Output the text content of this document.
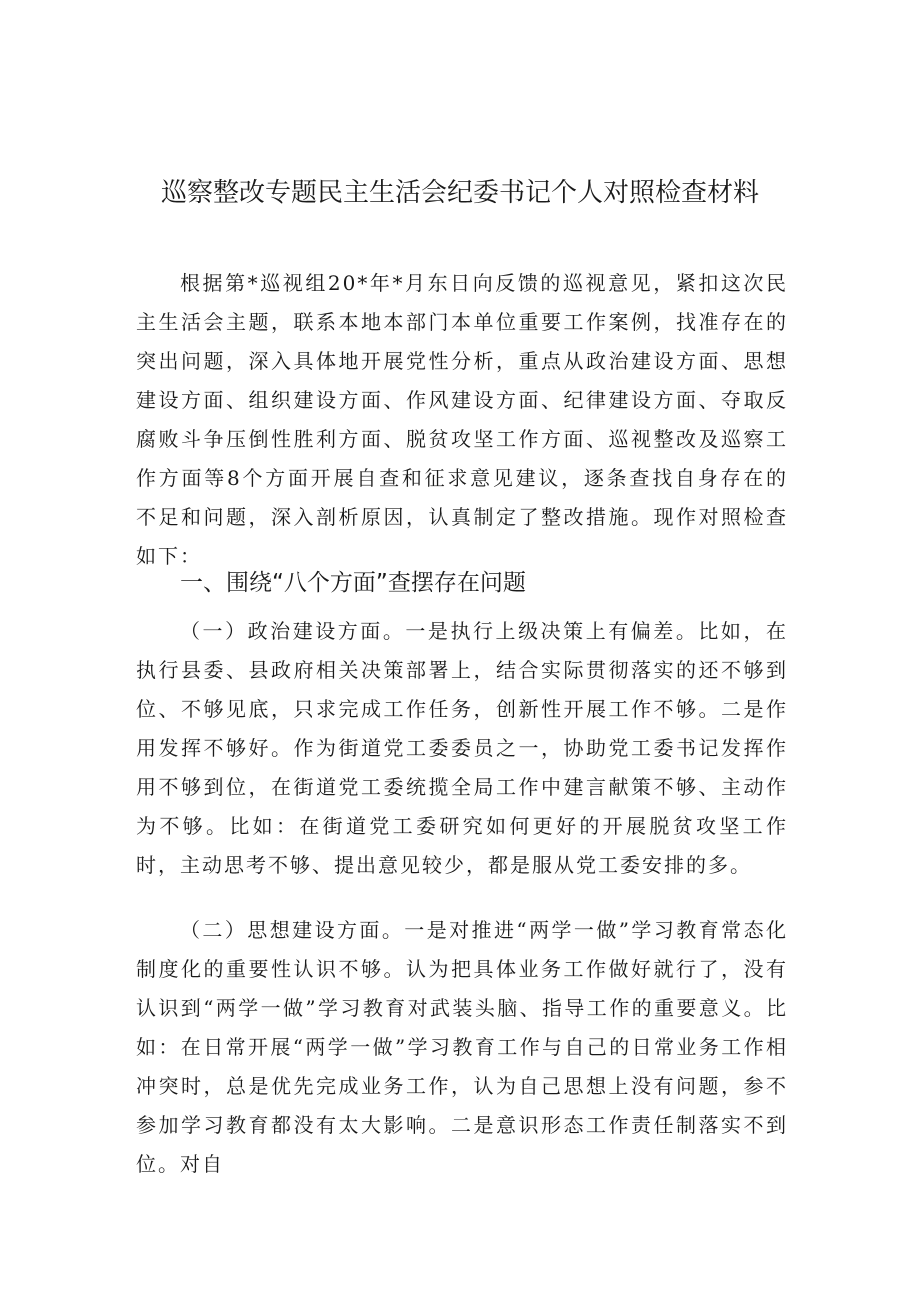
巡察整改专题民主生活会纪委书记个人对照检查材料
根据第*巡视组20*年*月东日向反馈的巡视意见，紧扣这次民主生活会主题，联系本地本部门本单位重要工作案例，找准存在的突出问题，深入具体地开展党性分析，重点从政治建设方面、思想建设方面、组织建设方面、作风建设方面、纪律建设方面、夺取反腐败斗争压倒性胜利方面、脱贫攻坚工作方面、巡视整改及巡察工作方面等8个方面开展自查和征求意见建议，逐条查找自身存在的不足和问题，深入剖析原因，认真制定了整改措施。现作对照检查如下：
一、围绕“八个方面”查摆存在问题
（一）政治建设方面。一是执行上级决策上有偏差。比如，在执行县委、县政府相关决策部署上，结合实际贯彻落实的还不够到位、不够见底，只求完成工作任务，创新性开展工作不够。二是作用发挥不够好。作为街道党工委委员之一，协助党工委书记发挥作用不够到位，在街道党工委统揽全局工作中建言献策不够、主动作为不够。比如：在街道党工委研究如何更好的开展脱贫攻坚工作时，主动思考不够、提出意见较少，都是服从党工委安排的多。
（二）思想建设方面。一是对推进“两学一做”学习教育常态化制度化的重要性认识不够。认为把具体业务工作做好就行了，没有认识到“两学一做”学习教育对武装头脑、指导工作的重要意义。比如：在日常开展“两学一做”学习教育工作与自己的日常业务工作相冲突时，总是优先完成业务工作，认为自己思想上没有问题，参不参加学习教育都没有太大影响。二是意识形态工作责任制落实不到位。对自
